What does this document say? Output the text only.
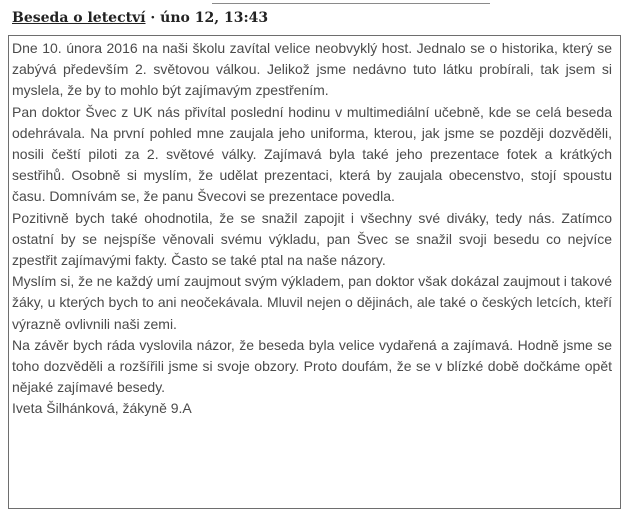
Beseda o letectví · úno 12, 13:43

Dne 10. února 2016 na naši školu zavítal velice neobvyklý host. Jednalo se o historika, který se zabývá především 2. světovou válkou. Jelikož jsme nedávno tuto látku probírali, tak jsem si myslela, že by to mohlo být zajímavým zpestřením.

Pan doktor Švec z UK nás přivítal poslední hodinu v multimediální učebně, kde se celá beseda odehrávala. Na první pohled mne zaujala jeho uniforma, kterou, jak jsme se později dozvěděli, nosili čeští piloti za 2. světové války. Zajímavá byla také jeho prezentace fotek a krátkých sestřihů. Osobně si myslím, že udělat prezentaci, která by zaujala obecenstvo, stojí spoustu času. Domnívám se, že panu Švecovi se prezentace povedla.

Pozitivně bych také ohodnotila, že se snažil zapojit i všechny své diváky, tedy nás. Zatímco ostatní by se nejspíše věnovali svému výkladu, pan Švec se snažil svoji besedu co nejvíce zpestřit zajímavými fakty. Často se také ptal na naše názory.

Myslím si, že ne každý umí zaujmout svým výkladem, pan doktor však dokázal zaujmout i takové žáky, u kterých bych to ani neočekávala. Mluvil nejen o dějinách, ale také o českých letcích, kteří výrazně ovlivnili naši zemi.

Na závěr bych ráda vyslovila názor, že beseda byla velice vydařená a zajímavá. Hodně jsme se toho dozvěděli a rozšířili jsme si svoje obzory. Proto doufám, že se v blízké době dočkáme opět nějaké zajímavé besedy.

Iveta Šilhánková, žákyně 9.A
